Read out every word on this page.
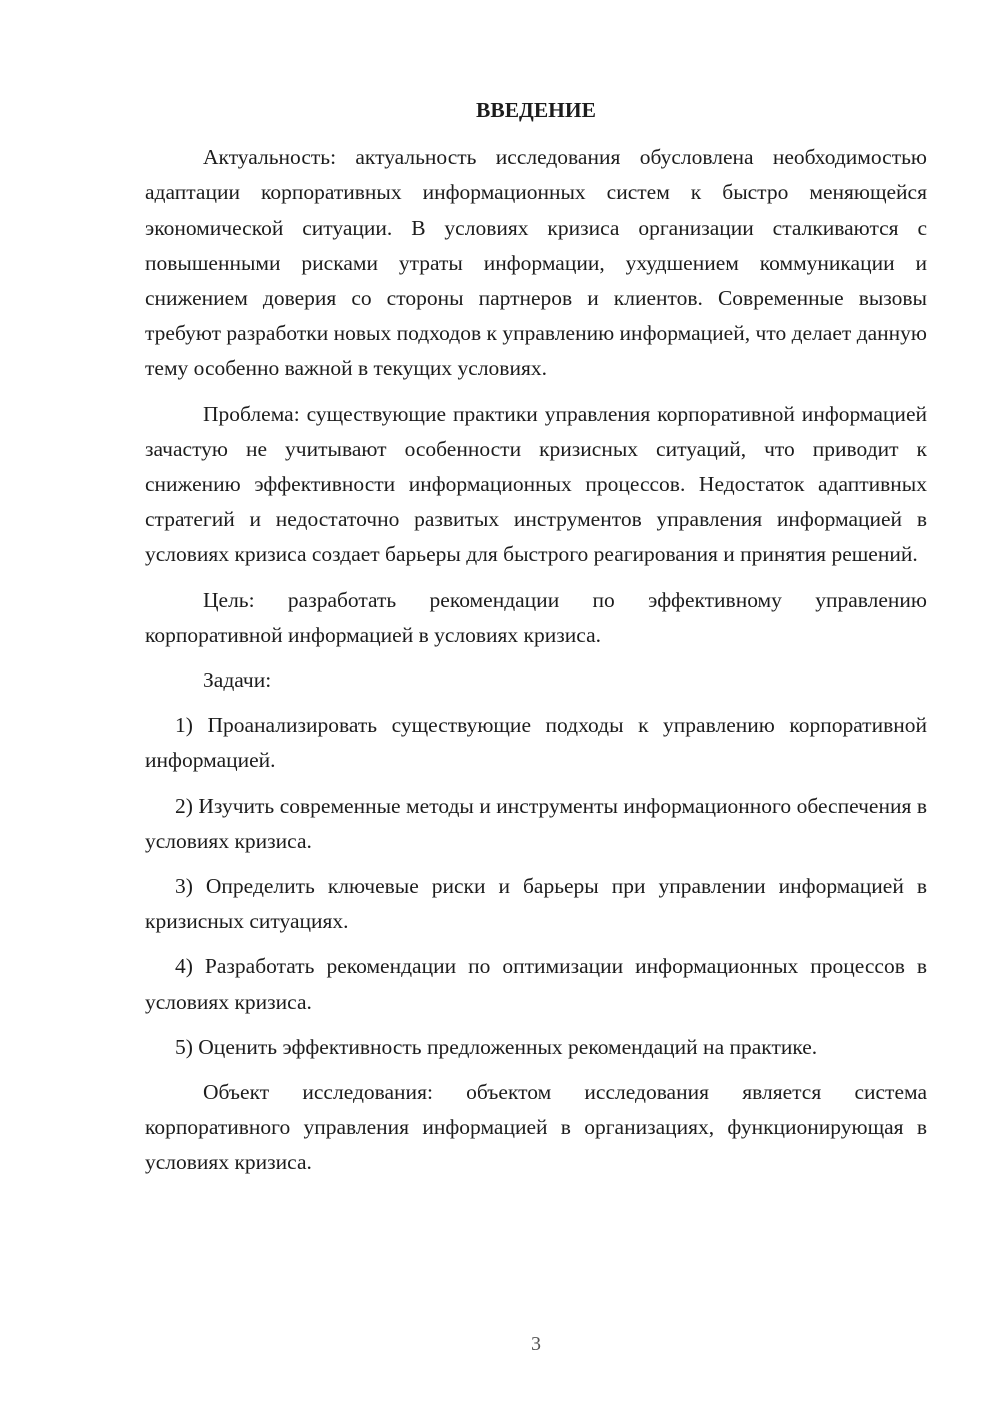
ВВЕДЕНИЕ

Актуальность: актуальность исследования обусловлена необходимостью адаптации корпоративных информационных систем к быстро меняющейся экономической ситуации. В условиях кризиса организации сталкиваются с повышенными рисками утраты информации, ухудшением коммуникации и снижением доверия со стороны партнеров и клиентов. Современные вызовы требуют разработки новых подходов к управлению информацией, что делает данную тему особенно важной в текущих условиях.

Проблема: существующие практики управления корпоративной информацией зачастую не учитывают особенности кризисных ситуаций, что приводит к снижению эффективности информационных процессов. Недостаток адаптивных стратегий и недостаточно развитых инструментов управления информацией в условиях кризиса создает барьеры для быстрого реагирования и принятия решений.

Цель: разработать рекомендации по эффективному управлению корпоративной информацией в условиях кризиса.

Задачи:

1) Проанализировать существующие подходы к управлению корпоративной информацией.

2) Изучить современные методы и инструменты информационного обеспечения в условиях кризиса.

3) Определить ключевые риски и барьеры при управлении информацией в кризисных ситуациях.

4) Разработать рекомендации по оптимизации информационных процессов в условиях кризиса.

5) Оценить эффективность предложенных рекомендаций на практике.

Объект исследования: объектом исследования является система корпоративного управления информацией в организациях, функционирующая в условиях кризиса.

3
